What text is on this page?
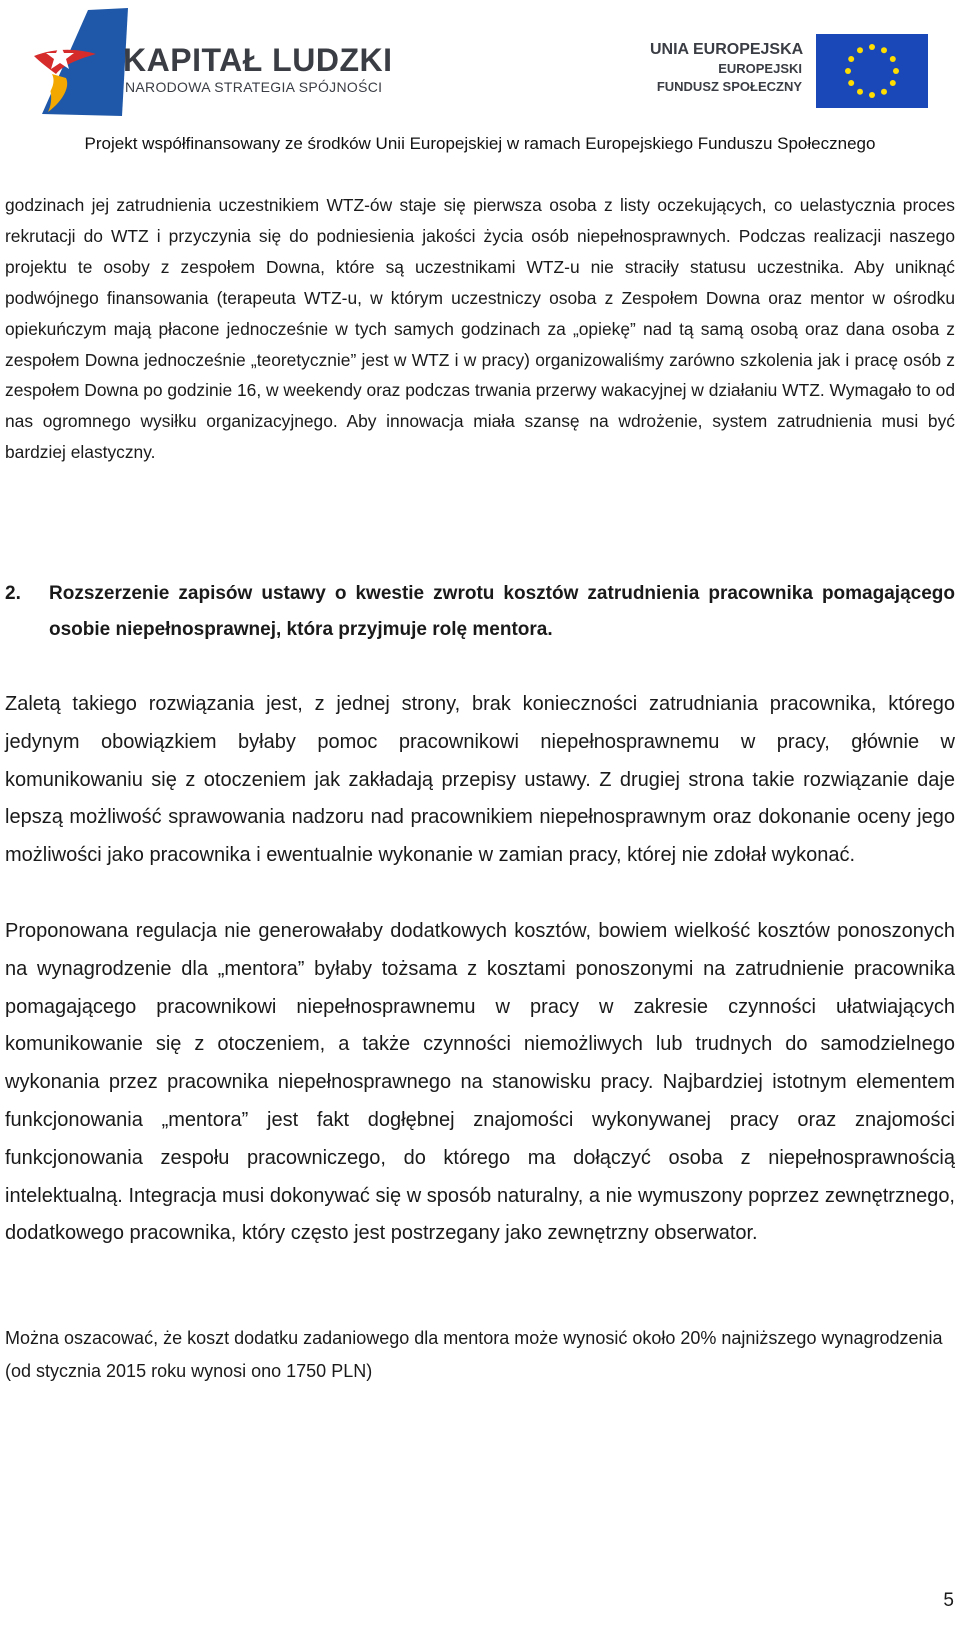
KAPITAŁ LUDZKI
NARODOWA STRATEGIA SPÓJNOŚCI
UNIA EUROPEJSKA
EUROPEJSKI
FUNDUSZ SPOŁECZNY
Projekt współfinansowany ze środków Unii Europejskiej w ramach Europejskiego Funduszu Społecznego

godzinach jej zatrudnienia uczestnikiem WTZ-ów staje się pierwsza osoba z listy oczekujących, co uelastycznia proces rekrutacji do WTZ i przyczynia się do podniesienia jakości życia osób niepełnosprawnych. Podczas realizacji naszego projektu te osoby z zespołem Downa, które są uczestnikami WTZ-u nie straciły statusu uczestnika. Aby uniknąć podwójnego finansowania (terapeuta WTZ-u, w którym uczestniczy osoba z Zespołem Downa oraz mentor w ośrodku opiekuńczym mają płacone jednocześnie w tych samych godzinach za „opiekę” nad tą samą osobą oraz dana osoba z zespołem Downa jednocześnie „teoretycznie” jest w WTZ i w pracy) organizowaliśmy zarówno szkolenia jak i pracę osób z zespołem Downa po godzinie 16, w weekendy oraz podczas trwania przerwy wakacyjnej w działaniu WTZ. Wymagało to od nas ogromnego wysiłku organizacyjnego. Aby innowacja miała szansę na wdrożenie, system zatrudnienia musi być bardziej elastyczny.

2. Rozszerzenie zapisów ustawy o kwestie zwrotu kosztów zatrudnienia pracownika pomagającego osobie niepełnosprawnej, która przyjmuje rolę mentora.

Zaletą takiego rozwiązania jest, z jednej strony, brak konieczności zatrudniania pracownika, którego jedynym obowiązkiem byłaby pomoc pracownikowi niepełnosprawnemu w pracy, głównie w komunikowaniu się z otoczeniem jak zakładają przepisy ustawy. Z drugiej strona takie rozwiązanie daje lepszą możliwość sprawowania nadzoru nad pracownikiem niepełnosprawnym oraz dokonanie oceny jego możliwości jako pracownika i ewentualnie wykonanie w zamian pracy, której nie zdołał wykonać.

Proponowana regulacja nie generowałaby dodatkowych kosztów, bowiem wielkość kosztów ponoszonych na wynagrodzenie dla „mentora” byłaby tożsama z kosztami ponoszonymi na zatrudnienie pracownika pomagającego pracownikowi niepełnosprawnemu w pracy w zakresie czynności ułatwiających komunikowanie się z otoczeniem, a także czynności niemożliwych lub trudnych do samodzielnego wykonania przez pracownika niepełnosprawnego na stanowisku pracy. Najbardziej istotnym elementem funkcjonowania „mentora” jest fakt dogłębnej znajomości wykonywanej pracy oraz znajomości funkcjonowania zespołu pracowniczego, do którego ma dołączyć osoba z niepełnosprawnością intelektualną. Integracja musi dokonywać się w sposób naturalny, a nie wymuszony poprzez zewnętrznego, dodatkowego pracownika, który często jest postrzegany jako zewnętrzny obserwator.

Można oszacować, że koszt dodatku zadaniowego dla mentora może wynosić około 20% najniższego wynagrodzenia (od stycznia 2015 roku wynosi ono 1750 PLN)

5
